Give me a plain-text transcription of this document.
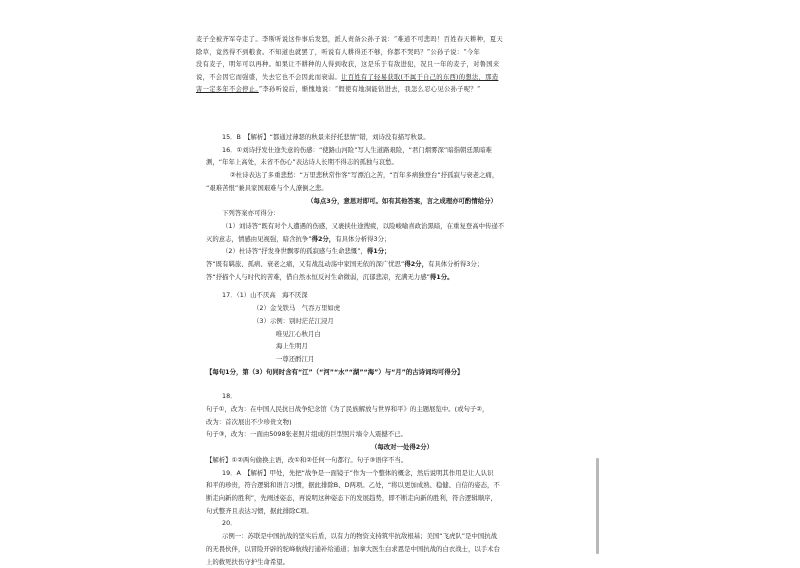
麦子全被齐军夺走了。李斯听说这件事后发怒，派人责备公孙子说：“难道不可悲吗！百姓春天耕种，夏天

除草，竟然得不到粮食。不知道也就罢了，听说有人耕得还不够，你都不哭吗？”公孙子说：“今年

没有麦子，明年可以再种。如果让不耕种的人得到收获，这是乐于有敌进犯，况且一年的麦子，对鲁国来

说，不会因它而强盛，失去它也不会因此而衰弱。让百姓有了轻易获取(不属于自己的东西)的想法，那造

害一定多年不会停止。”李孙听说后，惭愧地说：“假使有地洞能钻进去，我怎么忍心见公孙子呢？”

15．B　【解析】“都通过薄瑟的秋景来抒托悲情”错，刘诗没有描写秋景。

16．①刘诗抒发仕途失意的伤感：“使路山河险”写人生道路艰险，“君门烟雾深”暗指朝廷黑暗难

测，“年年上高处，未省不伤心”表达诗人长期不得志的孤独与哀愁。

②杜诗表达了多重悲愁：“万里悲秋常作客”写漂泊之苦，“百年多病独登台”抒孤寂与衰老之痛，

“艰难苦恨”兼具家国艰难与个人潦倒之悲。

（每点3分，意思对即可。如有其他答案，言之成理亦可酌情给分）

下列答案亦可得分：

（1）刘诗答“既有对个人遭遇的伤感，又裹挟仕途搜疲，以险峻喻喜政治黑暗，在重复登高中传递不

灭的意志，情感由见视强，暗含抗争”得2分，有具体分析得3分；

（2）杜诗答“抒发身世飘零的孤寂感与生命悲慨”，得1分；

答“既有羁旅、孤病、衰老之痛，又有战乱动荡中家国无依的深广忧思”得2分，有具体分析得3分；

答“抒描个人与时代的苦难，借自然永恒反衬生命微弱，沉郁悲凉，充满无力感”得1分。

17．（1）山不厌高　海不厌深

（2）金戈铁马　气吞万里如虎

（3）示例：别时茫茫江浸月

唯见江心秋月白

海上生明月

一尊还酹江月

【每句1分，第（3）句同时含有“江”（“河”“水”“湖”“海”）与“月”的古诗词均可得分】

18．

句子①，改为：在中国人民抗日战争纪念馆《为了民族解放与世界和平》的主题展览中。(或句子②，

改为：首次展出不少珍贵文物)

句子③，改为：一面由5098张老照片组成的巨型照片墙令人震撼不已。

（每改对一处得2分）

【解析】①②两句偷换主语，改①和②任何一句都行。句子③语序不当。

19．A　【解析】甲处，先把“战争是一面镜子”作为一个整体的概念，然后说明其作用是让人认识

和平的珍贵，符合逻辑和语言习惯，据此排除B、D两项。乙处，“将以更加成熟、稳健、自信的姿态，不

断走向新的胜利”，先阐述姿态，再说明这种姿态下的发展趋势，即不断走向新的胜利，符合逻辑顺序，

句式整齐且表达习惯，据此排除C项。

20．

示例一：苏联是中国抗战的坚实后盾，以有力的物资支持筑牢抗敌根基；美国“飞虎队”是中国抗战

的无畏伙伴，以冒险开辟的驼峰航线打通补给通道；加拿大医生白求恩是中国抗战的白衣战士，以手术台

上的救死扶伤守护生命希望。
